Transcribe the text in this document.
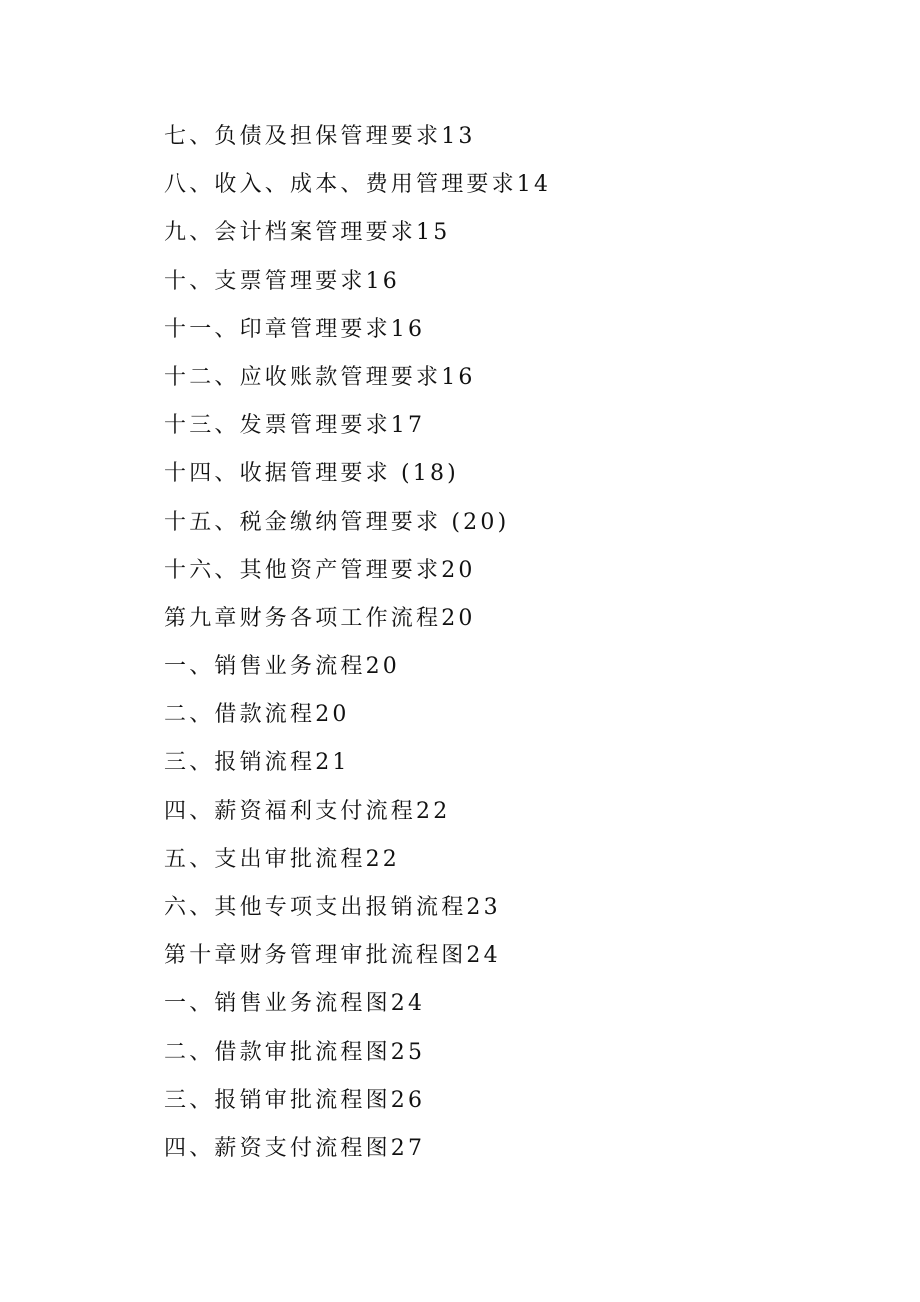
七、负债及担保管理要求13
八、收入、成本、费用管理要求14
九、会计档案管理要求15
十、支票管理要求16
十一、印章管理要求16
十二、应收账款管理要求16
十三、发票管理要求17
十四、收据管理要求 (18)
十五、税金缴纳管理要求 (20)
十六、其他资产管理要求20
第九章财务各项工作流程20
一、销售业务流程20
二、借款流程20
三、报销流程21
四、薪资福利支付流程22
五、支出审批流程22
六、其他专项支出报销流程23
第十章财务管理审批流程图24
一、销售业务流程图24
二、借款审批流程图25
三、报销审批流程图26
四、薪资支付流程图27
